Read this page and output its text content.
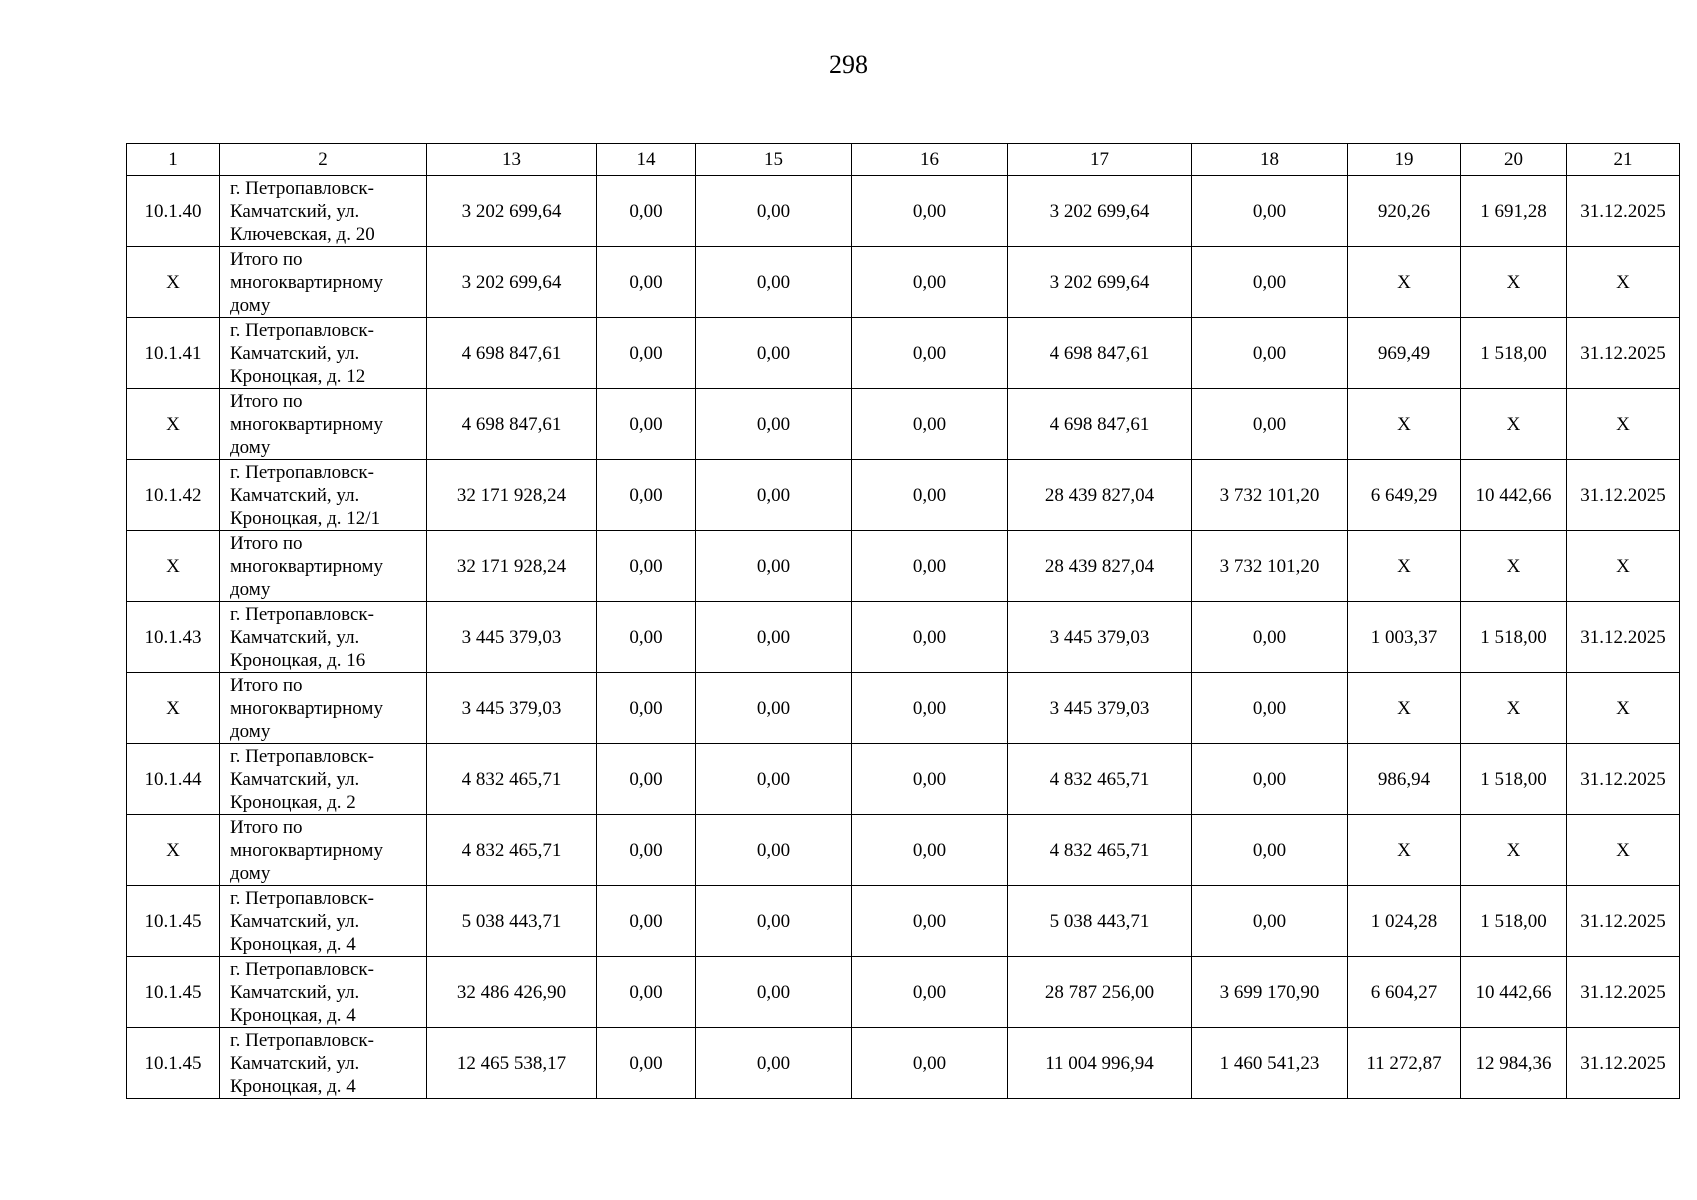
298
1	2	13	14	15	16	17	18	19	20	21
10.1.40	г. Петропавловск-
Камчатский, ул.
Ключевская, д. 20	3 202 699,64	0,00	0,00	0,00	3 202 699,64	0,00	920,26	1 691,28	31.12.2025
X	Итого по
многоквартирному
дому	3 202 699,64	0,00	0,00	0,00	3 202 699,64	0,00	X	X	X
10.1.41	г. Петропавловск-
Камчатский, ул.
Кроноцкая, д. 12	4 698 847,61	0,00	0,00	0,00	4 698 847,61	0,00	969,49	1 518,00	31.12.2025
X	Итого по
многоквартирному
дому	4 698 847,61	0,00	0,00	0,00	4 698 847,61	0,00	X	X	X
10.1.42	г. Петропавловск-
Камчатский, ул.
Кроноцкая, д. 12/1	32 171 928,24	0,00	0,00	0,00	28 439 827,04	3 732 101,20	6 649,29	10 442,66	31.12.2025
X	Итого по
многоквартирному
дому	32 171 928,24	0,00	0,00	0,00	28 439 827,04	3 732 101,20	X	X	X
10.1.43	г. Петропавловск-
Камчатский, ул.
Кроноцкая, д. 16	3 445 379,03	0,00	0,00	0,00	3 445 379,03	0,00	1 003,37	1 518,00	31.12.2025
X	Итого по
многоквартирному
дому	3 445 379,03	0,00	0,00	0,00	3 445 379,03	0,00	X	X	X
10.1.44	г. Петропавловск-
Камчатский, ул.
Кроноцкая, д. 2	4 832 465,71	0,00	0,00	0,00	4 832 465,71	0,00	986,94	1 518,00	31.12.2025
X	Итого по
многоквартирному
дому	4 832 465,71	0,00	0,00	0,00	4 832 465,71	0,00	X	X	X
10.1.45	г. Петропавловск-
Камчатский, ул.
Кроноцкая, д. 4	5 038 443,71	0,00	0,00	0,00	5 038 443,71	0,00	1 024,28	1 518,00	31.12.2025
10.1.45	г. Петропавловск-
Камчатский, ул.
Кроноцкая, д. 4	32 486 426,90	0,00	0,00	0,00	28 787 256,00	3 699 170,90	6 604,27	10 442,66	31.12.2025
10.1.45	г. Петропавловск-
Камчатский, ул.
Кроноцкая, д. 4	12 465 538,17	0,00	0,00	0,00	11 004 996,94	1 460 541,23	11 272,87	12 984,36	31.12.2025
